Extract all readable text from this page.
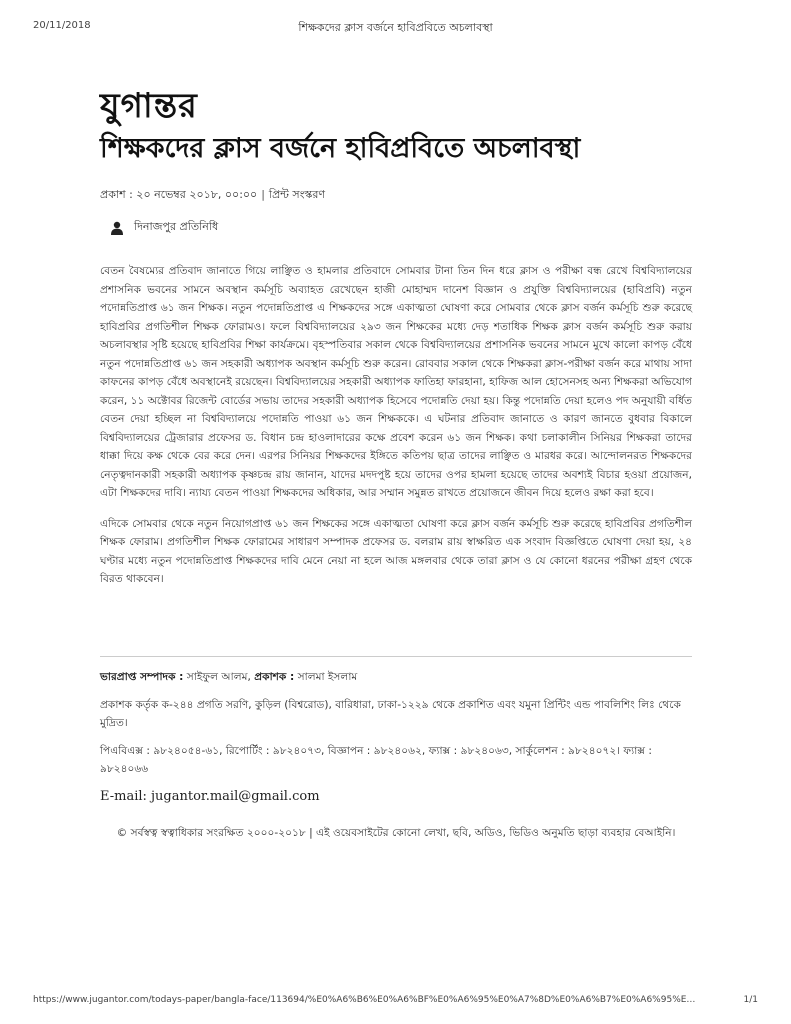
20/11/2018	শিক্ষকদের ক্লাস বর্জনে হাবিপ্রবিতে অচলাবস্থা
যুগান্তর
শিক্ষকদের ক্লাস বর্জনে হাবিপ্রবিতে অচলাবস্থা
প্রকাশ : ২০ নভেম্বর ২০১৮, ০০:০০ | প্রিন্ট সংস্করণ
দিনাজপুর প্রতিনিধি

বেতন বৈষম্যের প্রতিবাদ জানাতে গিয়ে লাঞ্ছিত ও হামলার প্রতিবাদে সোমবার টানা তিন দিন ধরে ক্লাস ও পরীক্ষা বন্ধ রেখে বিশ্ববিদ্যালয়ের প্রশাসনিক ভবনের সামনে অবস্থান কর্মসূচি অব্যাহত রেখেছেন হাজী মোহাম্মদ দানেশ বিজ্ঞান ও প্রযুক্তি বিশ্ববিদ্যালয়ের (হাবিপ্রবি) নতুন পদোন্নতিপ্রাপ্ত ৬১ জন শিক্ষক। নতুন পদোন্নতিপ্রাপ্ত এ শিক্ষকদের সঙ্গে একাত্মতা ঘোষণা করে সোমবার থেকে ক্লাস বর্জন কর্মসূচি শুরু করেছে হাবিপ্রবির প্রগতিশীল শিক্ষক ফোরামও। ফলে বিশ্ববিদ্যালয়ের ২৯৩ জন শিক্ষকের মধ্যে দেড় শতাধিক শিক্ষক ক্লাস বর্জন কর্মসূচি শুরু করায় অচলাবস্থার সৃষ্টি হয়েছে হাবিপ্রবির শিক্ষা কার্যক্রমে। বৃহস্পতিবার সকাল থেকে বিশ্ববিদ্যালয়ের প্রশাসনিক ভবনের সামনে মুখে কালো কাপড় বেঁধে নতুন পদোন্নতিপ্রাপ্ত ৬১ জন সহকারী অধ্যাপক অবস্থান কর্মসূচি শুরু করেন। রোববার সকাল থেকে শিক্ষকরা ক্লাস-পরীক্ষা বর্জন করে মাথায় সাদা কাফনের কাপড় বেঁধে অবস্থানেই রয়েছেন। বিশ্ববিদ্যালয়ের সহকারী অধ্যাপক ফাতিহা ফারহানা, হাফিজ আল হোসেনসহ অন্য শিক্ষকরা অভিযোগ করেন, ১১ অক্টোবর রিজেন্ট বোর্ডের সভায় তাদের সহকারী অধ্যাপক হিসেবে পদোন্নতি দেয়া হয়। কিন্তু পদোন্নতি দেয়া হলেও পদ অনুযায়ী বর্ধিত বেতন দেয়া হচ্ছিল না বিশ্ববিদ্যালয়ে পদোন্নতি পাওয়া ৬১ জন শিক্ষককে। এ ঘটনার প্রতিবাদ জানাতে ও কারণ জানতে বুধবার বিকালে বিশ্ববিদ্যালয়ের ট্রেজারার প্রফেসর ড. বিধান চন্দ্র হাওলাদারের কক্ষে প্রবেশ করেন ৬১ জন শিক্ষক। কথা চলাকালীন সিনিয়র শিক্ষকরা তাদের ধাক্কা দিয়ে কক্ষ থেকে বের করে দেন। এরপর সিনিয়র শিক্ষকদের ইঙ্গিতে কতিপয় ছাত্র তাদের লাঞ্ছিত ও মারধর করে। আন্দোলনরত শিক্ষকদের নেতৃত্বদানকারী সহকারী অধ্যাপক কৃষ্ণচন্দ্র রায় জানান, যাদের মদদপুষ্ট হয়ে তাদের ওপর হামলা হয়েছে তাদের অবশ্যই বিচার হওয়া প্রয়োজন, এটা শিক্ষকদের দাবি। ন্যায্য বেতন পাওয়া শিক্ষকদের অধিকার, আর সম্মান সমুন্নত রাখতে প্রয়োজনে জীবন দিয়ে হলেও রক্ষা করা হবে।

এদিকে সোমবার থেকে নতুন নিয়োগপ্রাপ্ত ৬১ জন শিক্ষকের সঙ্গে একাত্মতা ঘোষণা করে ক্লাস বর্জন কর্মসূচি শুরু করেছে হাবিপ্রবির প্রগতিশীল শিক্ষক ফোরাম। প্রগতিশীল শিক্ষক ফোরামের সাধারণ সম্পাদক প্রফেসর ড. বলরাম রায় স্বাক্ষরিত এক সংবাদ বিজ্ঞপ্তিতে ঘোষণা দেয়া হয়, ২৪ ঘণ্টার মধ্যে নতুন পদোন্নতিপ্রাপ্ত শিক্ষকদের দাবি মেনে নেয়া না হলে আজ মঙ্গলবার থেকে তারা ক্লাস ও যে কোনো ধরনের পরীক্ষা গ্রহণ থেকে বিরত থাকবেন।

ভারপ্রাপ্ত সম্পাদক : সাইফুল আলম, প্রকাশক : সালমা ইসলাম

প্রকাশক কর্তৃক ক-২৪৪ প্রগতি সরণি, কুড়িল (বিশ্বরোড), বারিধারা, ঢাকা-১২২৯ থেকে প্রকাশিত এবং যমুনা প্রিন্টিং এন্ড পাবলিশিং লিঃ থেকে মুদ্রিত।

পিএবিএক্স : ৯৮২৪০৫৪-৬১, রিপোর্টিং : ৯৮২৪০৭৩, বিজ্ঞাপন : ৯৮২৪০৬২, ফ্যাক্স : ৯৮২৪০৬৩, সার্কুলেশন : ৯৮২৪০৭২। ফ্যাক্স : ৯৮২৪০৬৬

E-mail: jugantor.mail@gmail.com

© সর্বস্বত্ব স্বত্বাধিকার সংরক্ষিত ২০০০-২০১৮ | এই ওয়েবসাইটের কোনো লেখা, ছবি, অডিও, ভিডিও অনুমতি ছাড়া ব্যবহার বেআইনি।

https://www.jugantor.com/todays-paper/bangla-face/113694/%E0%A6%B6%E0%A6%BF%E0%A6%95%E0%A7%8D%E0%A6%B7%E0%A6%95%E…	1/1
